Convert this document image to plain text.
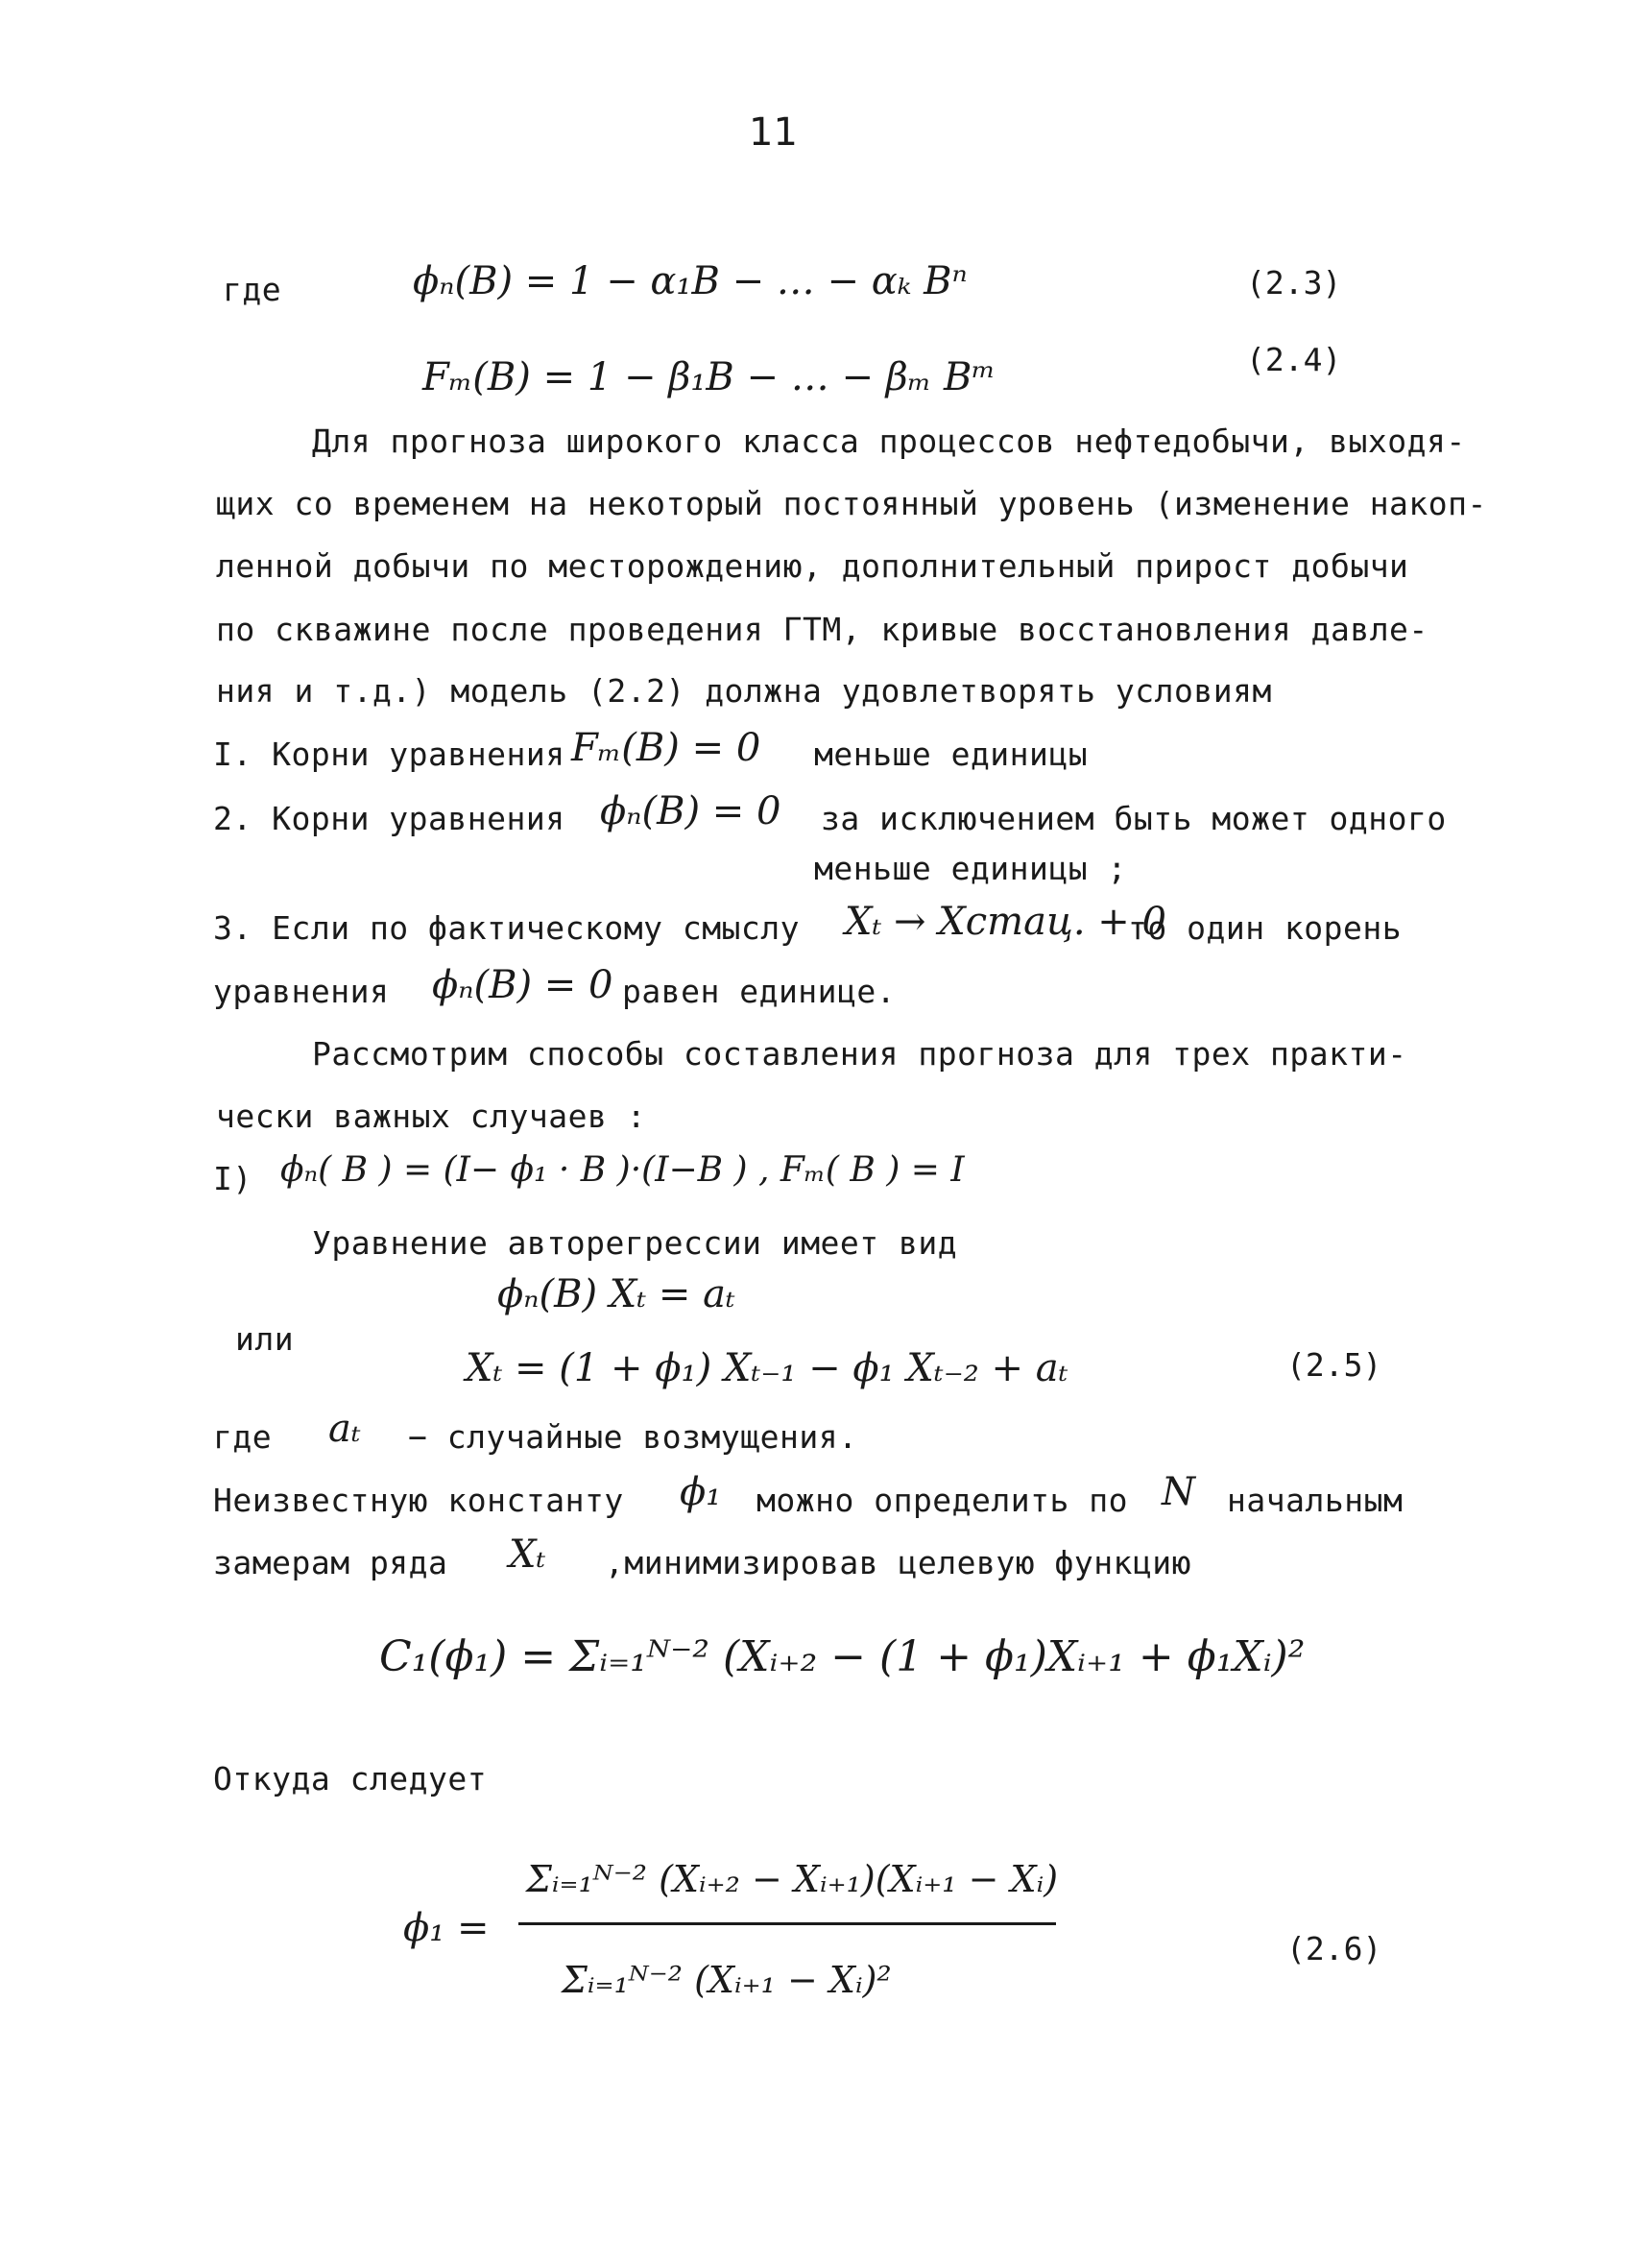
11
где	𝜙ₙ(B) = 1 − α₁B − … − αₖ Bⁿ	(2.3)
Fₘ(B) = 1 − β₁B − … − βₘ Bᵐ	(2.4)
Для прогноза широкого класса процессов нефтедобычи, выходя-
щих со временем на некоторый постоянный уровень (изменение накоп-
ленной добычи по месторождению, дополнительный прирост добычи
по скважине после проведения ГТМ, кривые восстановления давле-
ния и т.д.) модель (2.2) должна удовлетворять условиям
I. Корни уравнения Fₘ(B) = 0 меньше единицы
2. Корни уравнения 𝜙ₙ(B) = 0 за исключением быть может одного
меньше единицы ;
3. Если по фактическому смыслу Xₜ → Xстац. + 0
то один корень
уравнения 𝜙ₙ(B) = 0 равен единице.
Рассмотрим способы составления прогноза для трех практи-
чески важных случаев :
I) 𝜙ₙ( B ) = (I− 𝜙₁ · B )·(I−B ) , Fₘ( B ) = I
Уравнение авторегрессии имеет вид
𝜙ₙ(B) Xₜ = aₜ
или
Xₜ = (1 + 𝜙₁) Xₜ₋₁ − 𝜙₁ Xₜ₋₂ + aₜ	(2.5)
где aₜ − случайные возмущения.
Неизвестную константу 𝜙₁ можно определить по N начальным
замерам ряда Xₜ ,минимизировав целевую функцию
C₁(𝜙₁) = Σᵢ₌₁ᴺ⁻² (Xᵢ₊₂ − (1 + 𝜙₁)Xᵢ₊₁ + 𝜙₁Xᵢ)²
Откуда следует
𝜙₁ =
Σᵢ₌₁ᴺ⁻² (Xᵢ₊₂ − Xᵢ₊₁)(Xᵢ₊₁ − Xᵢ)
Σᵢ₌₁ᴺ⁻² (Xᵢ₊₁ − Xᵢ)²
(2.6)
